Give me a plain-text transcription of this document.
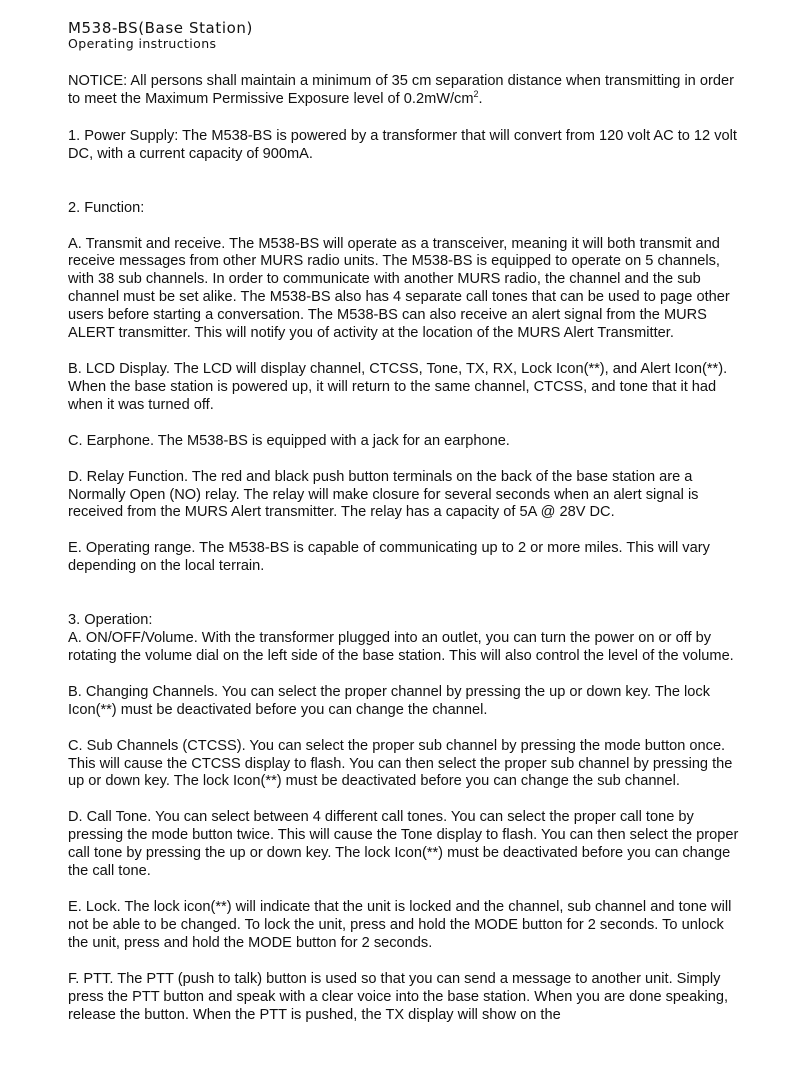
M538-BS(Base Station)

Operating instructions

NOTICE: All persons shall maintain a minimum of 35 cm separation distance when transmitting in order to meet the Maximum Permissive Exposure level of $0.2mW/cm^2$.

1. Power Supply: The M538-BS is powered by a transformer that will convert from 120 volt AC to 12 volt DC, with a current capacity of 900mA.

2. Function:

A. Transmit and receive. The M538-BS will operate as a transceiver, meaning it will both transmit and receive messages from other MURS radio units. The M538-BS is equipped to operate on 5 channels, with 38 sub channels. In order to communicate with another MURS radio, the channel and the sub channel must be set alike. The M538-BS also has 4 separate call tones that can be used to page other users before starting a conversation. The M538-BS can also receive an alert signal from the MURS ALERT transmitter. This will notify you of activity at the location of the MURS Alert Transmitter.

B. LCD Display. The LCD will display channel, CTCSS, Tone, TX, RX, Lock Icon(**), and Alert Icon(**). When the base station is powered up, it will return to the same channel, CTCSS, and tone that it had when it was turned off.

C. Earphone. The M538-BS is equipped with a jack for an earphone.

D. Relay Function. The red and black push button terminals on the back of the base station are a Normally Open (NO) relay. The relay will make closure for several seconds when an alert signal is received from the MURS Alert transmitter. The relay has a capacity of 5A @ 28V DC.

E. Operating range. The M538-BS is capable of communicating up to 2 or more miles. This will vary depending on the local terrain.

3. Operation:

A. ON/OFF/Volume. With the transformer plugged into an outlet, you can turn the power on or off by rotating the volume dial on the left side of the base station. This will also control the level of the volume.

B. Changing Channels. You can select the proper channel by pressing the up or down key. The lock Icon(**) must be deactivated before you can change the channel.

C. Sub Channels (CTCSS). You can select the proper sub channel by pressing the mode button once. This will cause the CTCSS display to flash. You can then select the proper sub channel by pressing the up or down key. The lock Icon(**) must be deactivated before you can change the sub channel.

D. Call Tone. You can select between 4 different call tones. You can select the proper call tone by pressing the mode button twice. This will cause the Tone display to flash. You can then select the proper call tone by pressing the up or down key. The lock Icon(**) must be deactivated before you can change the call tone.

E. Lock. The lock icon(**) will indicate that the unit is locked and the channel, sub channel and tone will not be able to be changed. To lock the unit, press and hold the MODE button for 2 seconds. To unlock the unit, press and hold the MODE button for 2 seconds.

F. PTT. The PTT (push to talk) button is used so that you can send a message to another unit. Simply press the PTT button and speak with a clear voice into the base station. When you are done speaking, release the button. When the PTT is pushed, the TX display will show on the
